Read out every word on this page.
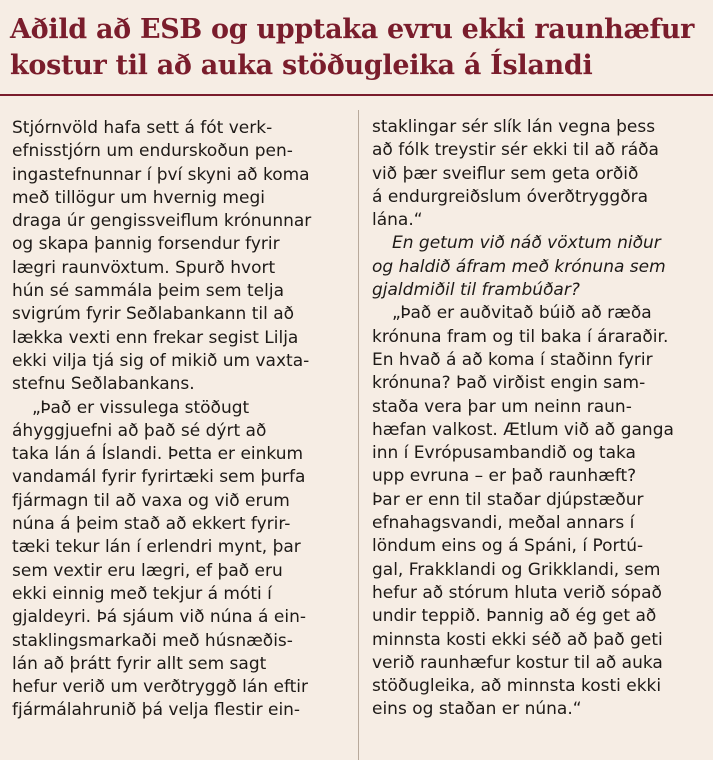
Aðild að ESB og upptaka evru ekki raunhæfur
kostur til að auka stöðugleika á Íslandi
Stjórnvöld hafa sett á fót verk-
efnisstjórn um endurskoðun pen-
ingastefnunnar í því skyni að koma
með tillögur um hvernig megi
draga úr gengissveiflum krónunnar
og skapa þannig forsendur fyrir
lægri raunvöxtum. Spurð hvort
hún sé sammála þeim sem telja
svigrúm fyrir Seðlabankann til að
lækka vexti enn frekar segist Lilja
ekki vilja tjá sig of mikið um vaxta-
stefnu Seðlabankans.
„Það er vissulega stöðugt
áhyggjuefni að það sé dýrt að
taka lán á Íslandi. Þetta er einkum
vandamál fyrir fyrirtæki sem þurfa
fjármagn til að vaxa og við erum
núna á þeim stað að ekkert fyrir-
tæki tekur lán í erlendri mynt, þar
sem vextir eru lægri, ef það eru
ekki einnig með tekjur á móti í
gjaldeyri. Þá sjáum við núna á ein-
staklingsmarkaði með húsnæðis-
lán að þrátt fyrir allt sem sagt
hefur verið um verðtryggð lán eftir
fjármálahrunið þá velja flestir ein-
staklingar sér slík lán vegna þess
að fólk treystir sér ekki til að ráða
við þær sveiflur sem geta orðið
á endurgreiðslum óverðtryggðra
lána.“
En getum við náð vöxtum niður
og haldið áfram með krónuna sem
gjaldmiðil til frambúðar?
„Það er auðvitað búið að ræða
krónuna fram og til baka í áraraðir.
En hvað á að koma í staðinn fyrir
krónuna? Það virðist engin sam-
staða vera þar um neinn raun-
hæfan valkost. Ætlum við að ganga
inn í Evrópusambandið og taka
upp evruna – er það raunhæft?
Þar er enn til staðar djúpstæður
efnahagsvandi, meðal annars í
löndum eins og á Spáni, í Portú-
gal, Frakklandi og Grikklandi, sem
hefur að stórum hluta verið sópað
undir teppið. Þannig að ég get að
minnsta kosti ekki séð að það geti
verið raunhæfur kostur til að auka
stöðugleika, að minnsta kosti ekki
eins og staðan er núna.“
